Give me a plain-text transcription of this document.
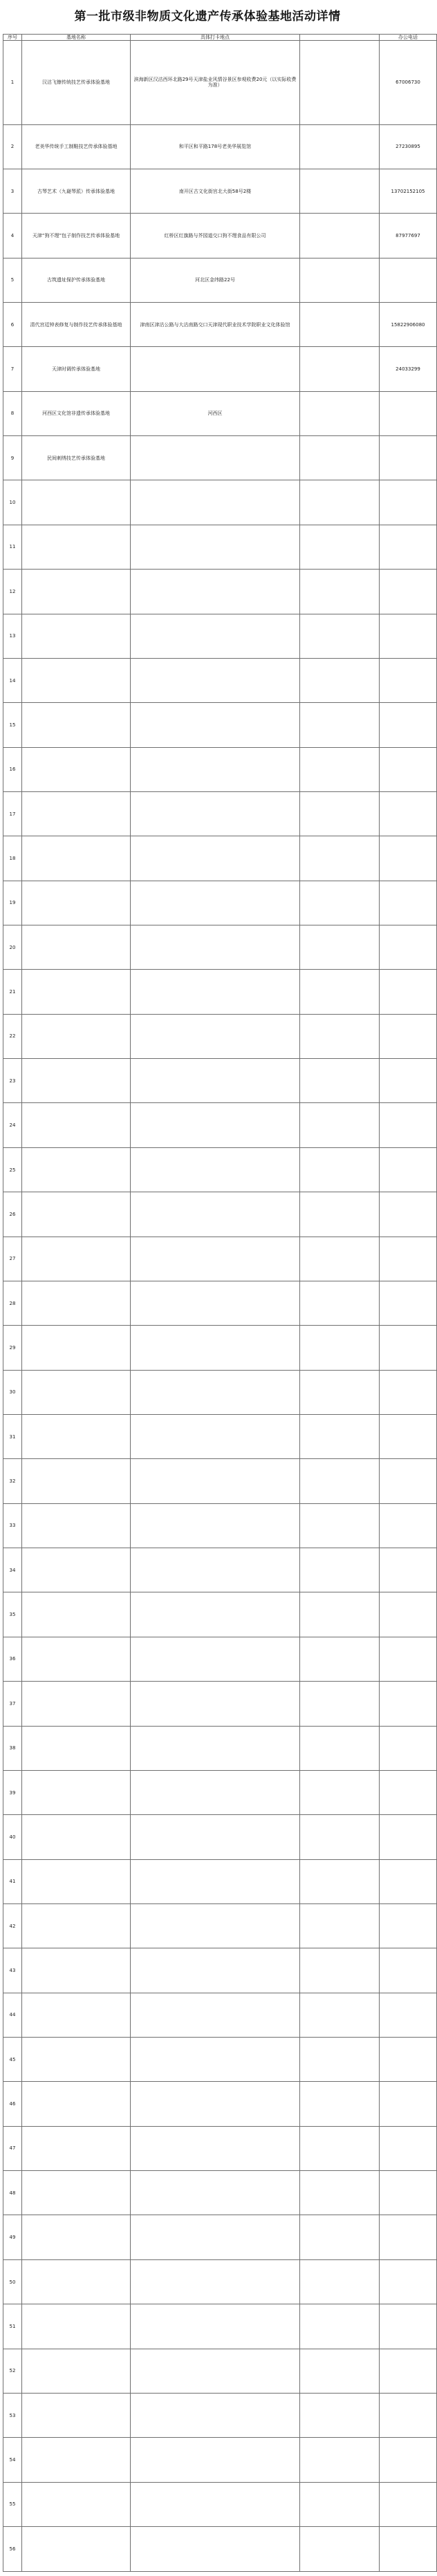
第一批市级非物质文化遗产传承体验基地活动详情
序号	基地名称	具体打卡地点		办公电话
1	汉沽飞镲传统技艺传承体验基地	滨海新区汉沽西环北路29号天津盐业风情谷景区参观收费20元（以实际收费为准）		67006730
2	老美华传统手工制鞋技艺传承体验基地	和平区和平路178号老美华展览馆		27230895
3	古琴艺术（九嶷琴派）传承体验基地	南开区古文化街宫北大街58号2楼		13702152105
4	天津“狗不理”包子制作技艺传承体验基地	红桥区红旗路与芥园道交口狗不理食品有限公司		87977697
5	古筑遗址保护传承体验基地	河北区金纬路22号		
6	清代宫廷钟表修复与制作技艺传承体验基地	津南区津沽公路与大沽南路交口天津现代职业技术学院职业文化体验馆		15822906080
7	天津时调传承体验基地			24033299
8	河西区文化馆非遗传承体验基地	河西区		
9	民间刺绣技艺传承体验基地			
10				
11				
12				
13				
14				
15				
16				
17				
18				
19				
20				
21				
22				
23				
24				
25				
26				
27				
28				
29				
30				
31				
32				
33				
34				
35				
36				
37				
38				
39				
40				
41				
42				
43				
44				
45				
46				
47				
48				
49				
50				
51				
52				
53				
54				
55				
56				
